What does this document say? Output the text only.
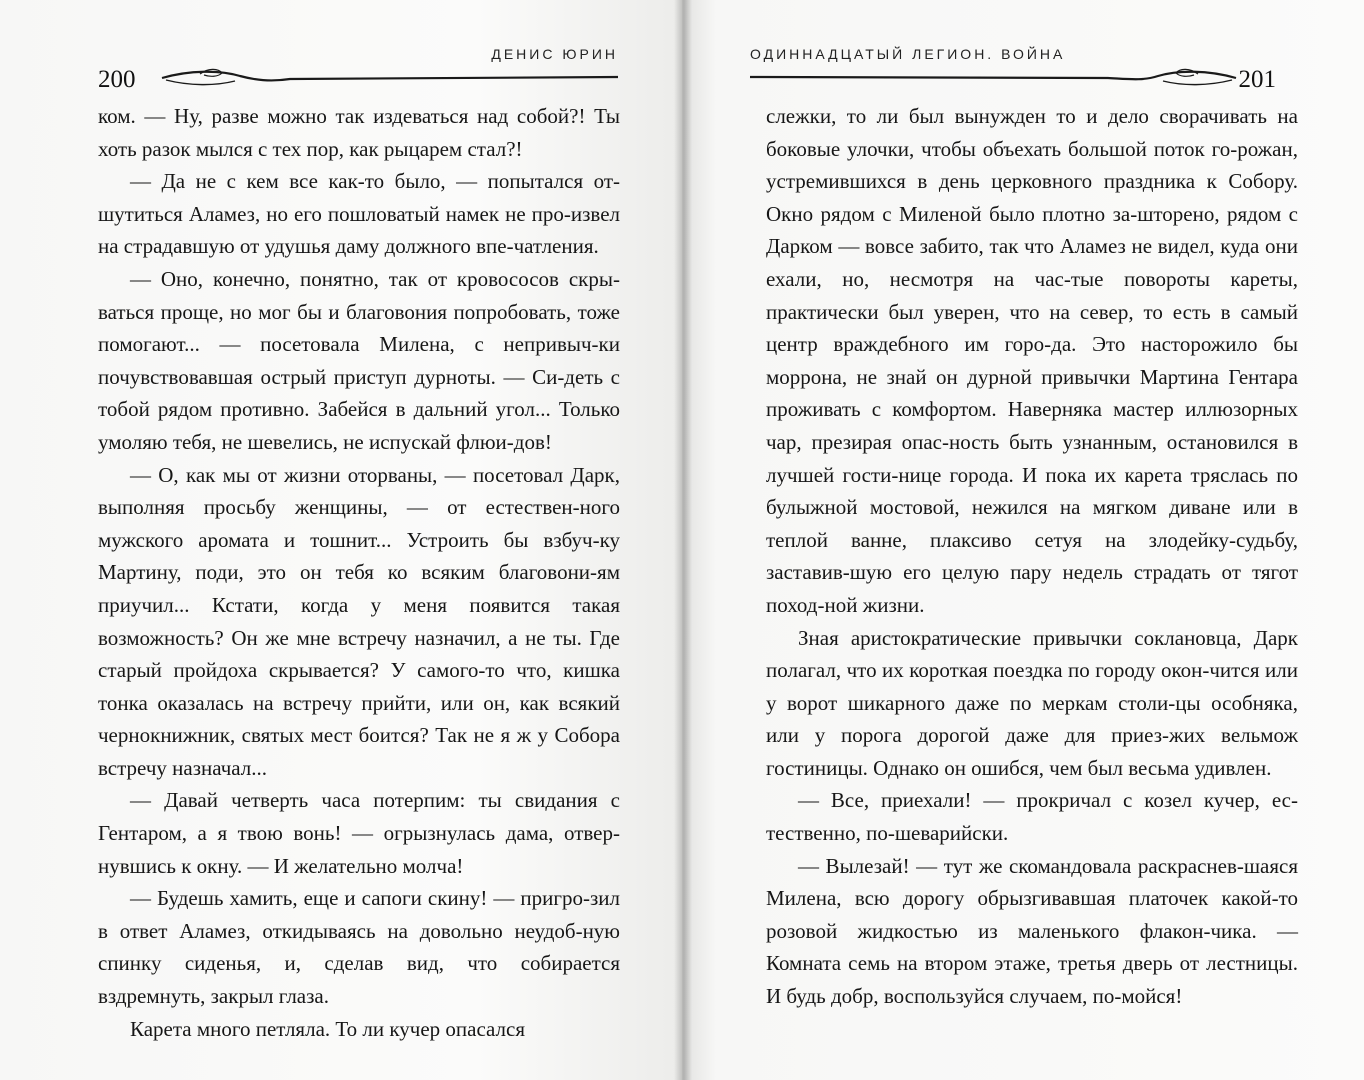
ДЕНИС ЮРИН
200

ком. — Ну, разве можно так издеваться над собой?! Ты хоть разок мылся с тех пор, как рыцарем стал?!

— Да не с кем все как-то было, — попытался от-шутиться Аламез, но его пошловатый намек не про-извел на страдавшую от удушья даму должного впе-чатления.

— Оно, конечно, понятно, так от кровососов скры-ваться проще, но мог бы и благовония попробовать, тоже помогают... — посетовала Милена, с непривыч-ки почувствовавшая острый приступ дурноты. — Си-деть с тобой рядом противно. Забейся в дальний угол... Только умоляю тебя, не шевелись, не испускай флюи-дов!

— О, как мы от жизни оторваны, — посетовал Дарк, выполняя просьбу женщины, — от естествен-ного мужского аромата и тошнит... Устроить бы взбуч-ку Мартину, поди, это он тебя ко всяким благовони-ям приучил... Кстати, когда у меня появится такая возможность? Он же мне встречу назначил, а не ты. Где старый пройдоха скрывается? У самого-то что, кишка тонка оказалась на встречу прийти, или он, как всякий чернокнижник, святых мест боится? Так не я ж у Собора встречу назначал...

— Давай четверть часа потерпим: ты свидания с Гентаром, а я твою вонь! — огрызнулась дама, отвер-нувшись к окну. — И желательно молча!

— Будешь хамить, еще и сапоги скину! — пригро-зил в ответ Аламез, откидываясь на довольно неудоб-ную спинку сиденья, и, сделав вид, что собирается вздремнуть, закрыл глаза.

Карета много петляла. То ли кучер опасался

ОДИННАДЦАТЫЙ ЛЕГИОН. ВОЙНА
201

слежки, то ли был вынужден то и дело сворачивать на боковые улочки, чтобы объехать большой поток го-рожан, устремившихся в день церковного праздника к Собору. Окно рядом с Миленой было плотно за-шторено, рядом с Дарком — вовсе забито, так что Аламез не видел, куда они ехали, но, несмотря на час-тые повороты кареты, практически был уверен, что на север, то есть в самый центр враждебного им горо-да. Это насторожило бы моррона, не знай он дурной привычки Мартина Гентара проживать с комфортом. Наверняка мастер иллюзорных чар, презирая опас-ность быть узнанным, остановился в лучшей гости-нице города. И пока их карета тряслась по булыжной мостовой, нежился на мягком диване или в теплой ванне, плаксиво сетуя на злодейку-судьбу, заставив-шую его целую пару недель страдать от тягот поход-ной жизни.

Зная аристократические привычки соклановца, Дарк полагал, что их короткая поездка по городу окон-чится или у ворот шикарного даже по меркам столи-цы особняка, или у порога дорогой даже для приез-жих вельмож гостиницы. Однако он ошибся, чем был весьма удивлен.

— Все, приехали! — прокричал с козел кучер, ес-тественно, по-шеварийски.

— Вылезай! — тут же скомандовала раскраснев-шаяся Милена, всю дорогу обрызгивавшая платочек какой-то розовой жидкостью из маленького флакон-чика. — Комната семь на втором этаже, третья дверь от лестницы. И будь добр, воспользуйся случаем, по-мойся!
